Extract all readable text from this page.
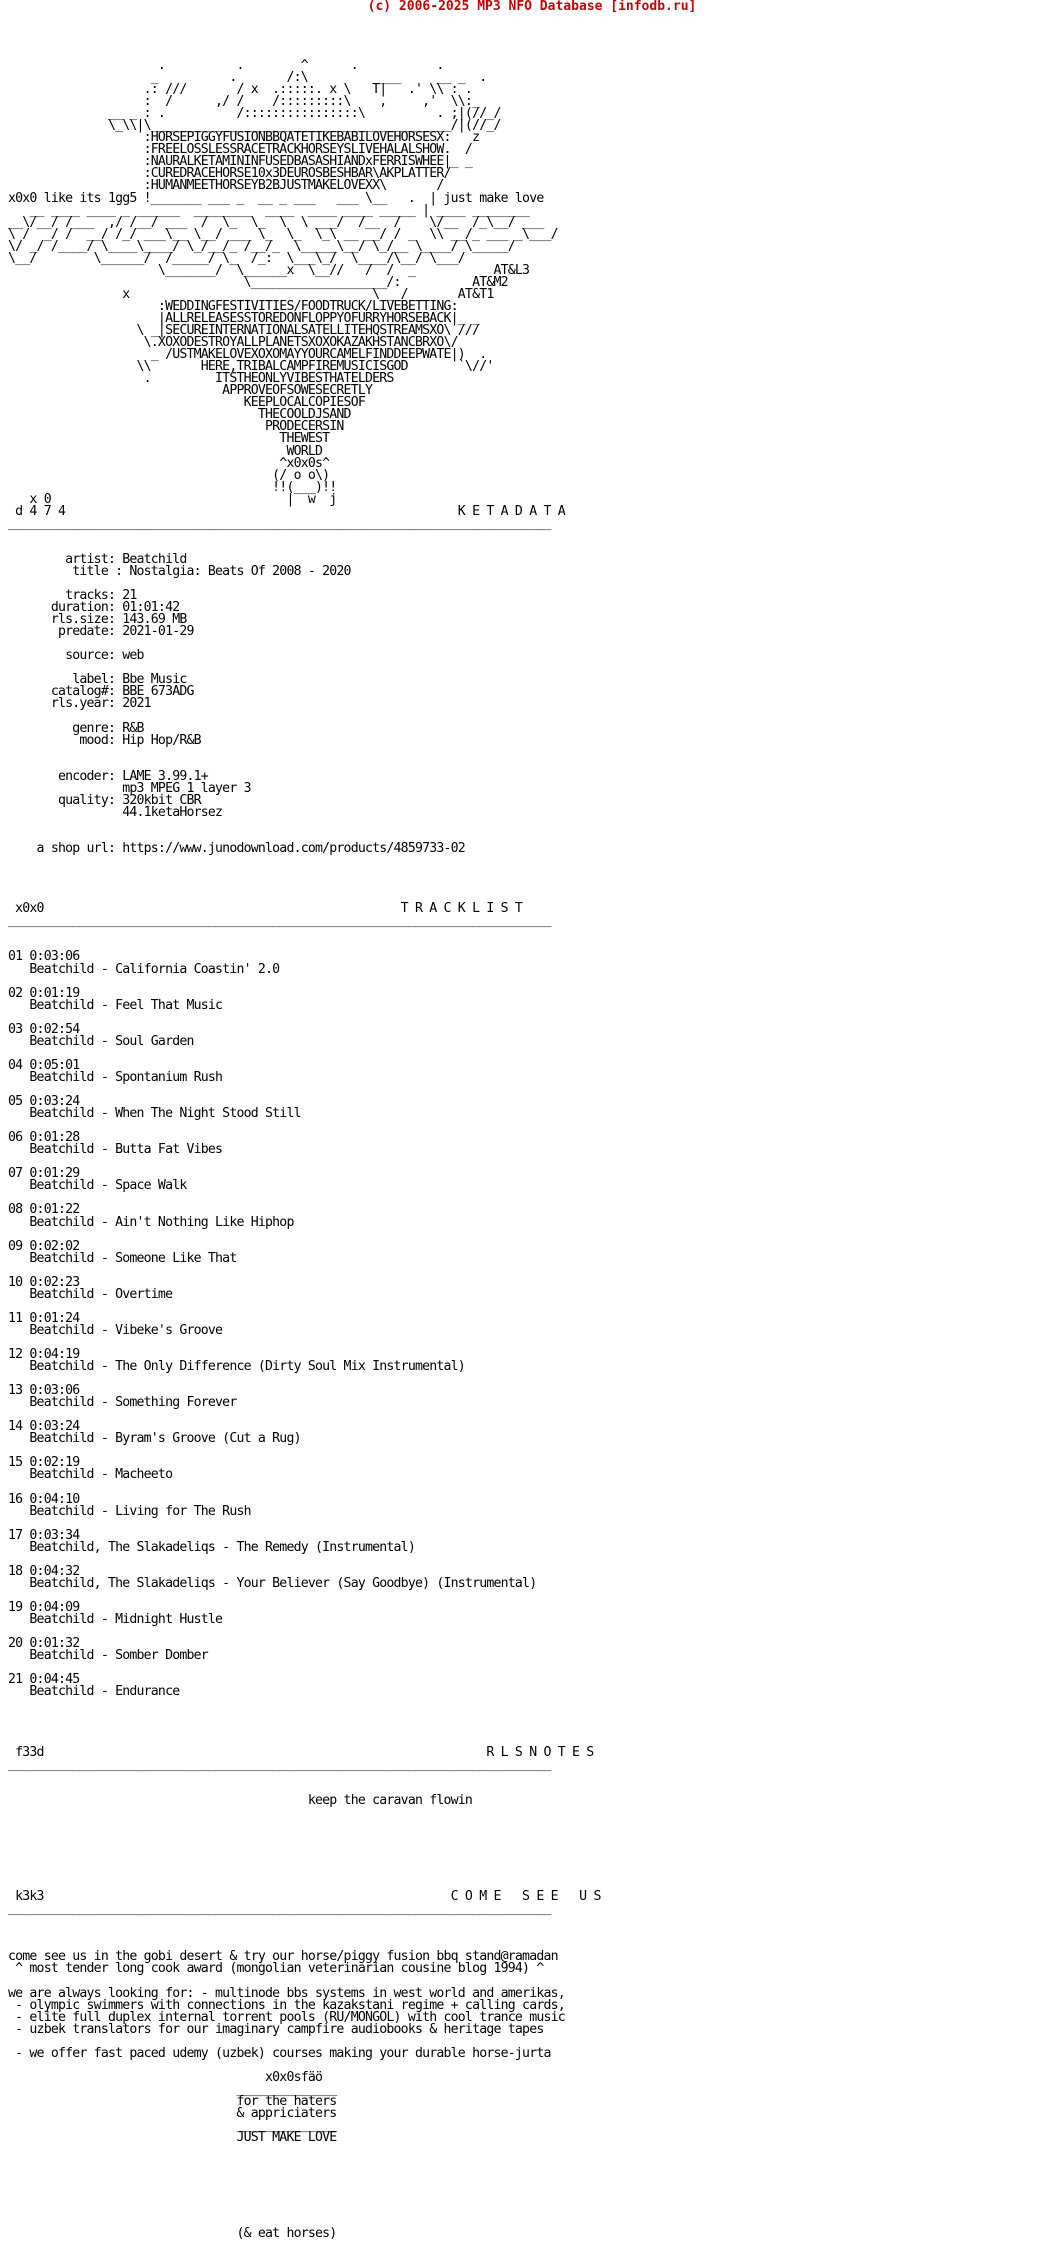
(c) 2006-2025 MP3 NFO Database [infodb.ru]
.          .        ^      .           .
_          .       /:\          ___     __ _  .
.: ///       / x  .:::::. x \   T|   .' \\ : .
:  /      ,/ /    /:::::::::\    ,     ,'  \\:_
__ _ : .          /::::::::::::::::\          . ;|(//_/
\_\\|\__________________________________________/|(//_/
:HORSEPIGGYFUSIONBBQATETIKEBABILOVEHORSESX:   z
:FREELOSSLESSRACETRACKHORSEYSLIVEHALALSHOW.  /
:NAURALKETAMININFUSEDBASASHIANDxFERRISWHEE|_ _
:CUREDRACEHORSE10x3DEUROSBESHBAR\AKPLATTER/
:HUMANMEETHORSEYB2BJUSTMAKELOVEXX\       /
x0x0 like its 1gg5 !_______ ___ _  __ _ ___   ___ \__   .  | just make love
__ ____ ____ _ ______  ________  ____  ____ ____ _____ | ____ ________
__\/__/ /___  ,/ /__/ ___  /  \_  \_  \  \ ___/  /__  /    \/__  /_\__/ ___
\ /  _/ /  __/ /_/ ___\__ \__/ ___ \_  \_  \_\ __ __/ / _  \\ __/_ ___ _\___/
\/ _/ /____/ \____\____/ \_/__/_ /__/_  \_____\__/ \_/__ \____/ \_____/
\__/        \______/  /_____/ \_  /_:  \___\_/  \____/\__/ \___/
\_______/  \______x  \__//   /  /  _           AT&L3
\___________________/:          AT&M2
x                                  \___/       AT&T1
:WEDDINGFESTIVITIES/FOODTRUCK/LIVEBETTING:
|ALLRELEASESSTOREDONFLOPPYOFURRYHORSEBACK|_ _
\ _|SECUREINTERNATIONALSATELLITEHQSTREAMSXO\ ///
\.XOXODESTROYALLPLANETSXOXOKAZAKHSTANCBRXO\/
_ /USTMAKELOVEXOXOMAYYOURCAMELFINDDEEPWATE|)  .
\\       HERE,TRIBALCAMPFIREMUSICISGOD       `\//'
.         ITSTHEONLYVIBESTHATELDERS
APPROVEOFSOWESECRETLY
KEEPLOCALCOPIESOF
THECOOLDJSAND
PRODECERSIN
THEWEST
WORLD
^x0x0s^
(/ o o\)
!!(___)!!
x 0                                 |  w  j
d 4 7 4                                                       K E T A D A T A
____________________________________________________________________________

artist: Beatchild
title : Nostalgia: Beats Of 2008 - 2020

tracks: 21
duration: 01:01:42
rls.size: 143.69 MB
predate: 2021-01-29

source: web

label: Bbe Music
catalog#: BBE 673ADG
rls.year: 2021

genre: R&B
mood: Hip Hop/R&B

encoder: LAME 3.99.1+
mp3 MPEG 1 layer 3
quality: 320kbit CBR
44.1ketaHorsez

a shop url: https://www.junodownload.com/products/4859733-02

x0x0                                                  T R A C K L I S T
____________________________________________________________________________

01 0:03:06
Beatchild - California Coastin' 2.0

02 0:01:19
Beatchild - Feel That Music

03 0:02:54
Beatchild - Soul Garden

04 0:05:01
Beatchild - Spontanium Rush

05 0:03:24
Beatchild - When The Night Stood Still

06 0:01:28
Beatchild - Butta Fat Vibes

07 0:01:29
Beatchild - Space Walk

08 0:01:22
Beatchild - Ain't Nothing Like Hiphop

09 0:02:02
Beatchild - Someone Like That

10 0:02:23
Beatchild - Overtime

11 0:01:24
Beatchild - Vibeke's Groove

12 0:04:19
Beatchild - The Only Difference (Dirty Soul Mix Instrumental)

13 0:03:06
Beatchild - Something Forever

14 0:03:24
Beatchild - Byram's Groove (Cut a Rug)

15 0:02:19
Beatchild - Macheeto

16 0:04:10
Beatchild - Living for The Rush

17 0:03:34
Beatchild, The Slakadeliqs - The Remedy (Instrumental)

18 0:04:32
Beatchild, The Slakadeliqs - Your Believer (Say Goodbye) (Instrumental)

19 0:04:09
Beatchild - Midnight Hustle

20 0:01:32
Beatchild - Somber Domber

21 0:04:45
Beatchild - Endurance

f33d                                                              R L S N O T E S
____________________________________________________________________________

keep the caravan flowin

k3k3                                                         C O M E   S E E   U S
____________________________________________________________________________

come see us in the gobi desert & try our horse/piggy fusion bbq stand@ramadan
^ most tender long cook award (mongolian veterinarian cousine blog 1994) ^

we are always looking for: - multinode bbs systems in west world and amerikas,
- olympic swimmers with connections in the kazakstani regime + calling cards,
- elite full duplex internal torrent pools (RU/MONGOL) with cool trance music
- uzbek translators for our imaginary campfire audiobooks & heritage tapes

- we offer fast paced udemy (uzbek) courses making your durable horse-jurta

x0x0sfäö
______________
for the haters
& appriciaters
______________
JUST MAKE LOVE

(& eat horses)
